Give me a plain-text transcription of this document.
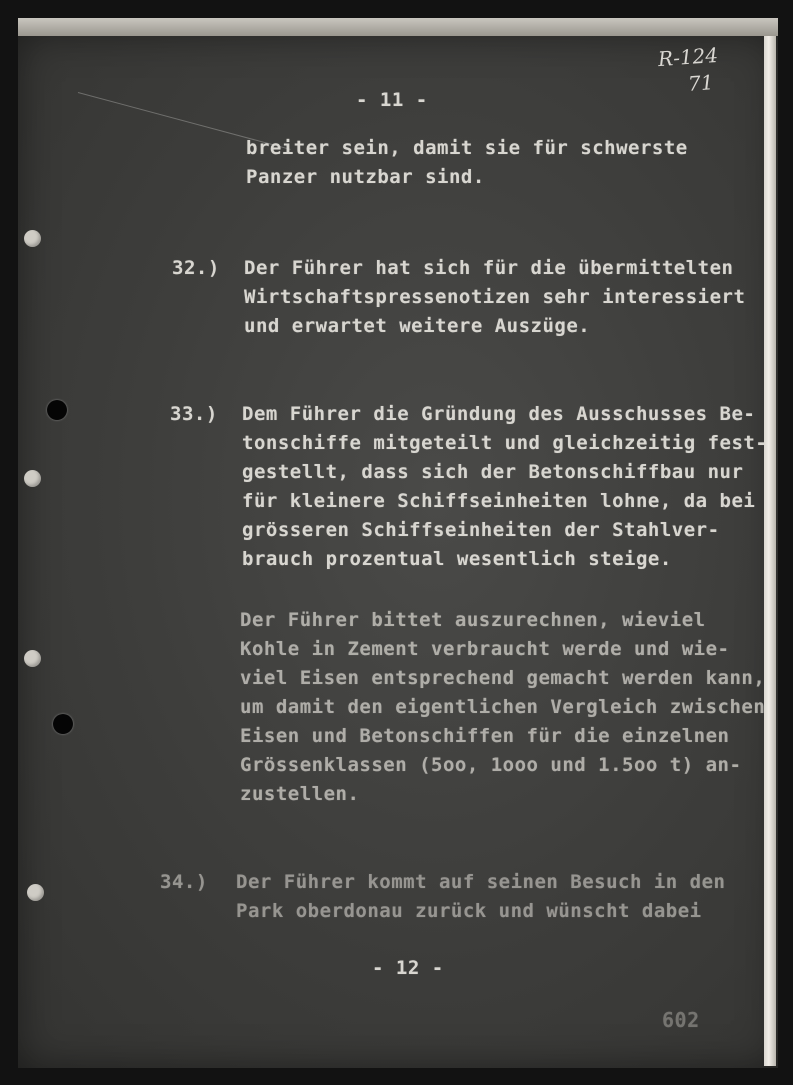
R-124
71
- 11 -
breiter sein, damit sie für schwerste
Panzer nutzbar sind.
32.) Der Führer hat sich für die übermittelten
Wirtschaftspressenotizen sehr interessiert
und erwartet weitere Auszüge.
33.) Dem Führer die Gründung des Ausschusses Be-
tonschiffe mitgeteilt und gleichzeitig fest-
gestellt, dass sich der Betonschiffbau nur
für kleinere Schiffseinheiten lohne, da bei
grösseren Schiffseinheiten der Stahlver-
brauch prozentual wesentlich steige.
Der Führer bittet auszurechnen, wieviel
Kohle in Zement verbraucht werde und wie-
viel Eisen entsprechend gemacht werden kann,
um damit den eigentlichen Vergleich zwischen
Eisen und Betonschiffen für die einzelnen
Grössenklassen (5oo, 1ooo und 1.5oo t) an-
zustellen.
34.) Der Führer kommt auf seinen Besuch in den
Park oberdonau zurück und wünscht dabei
- 12 -
602
